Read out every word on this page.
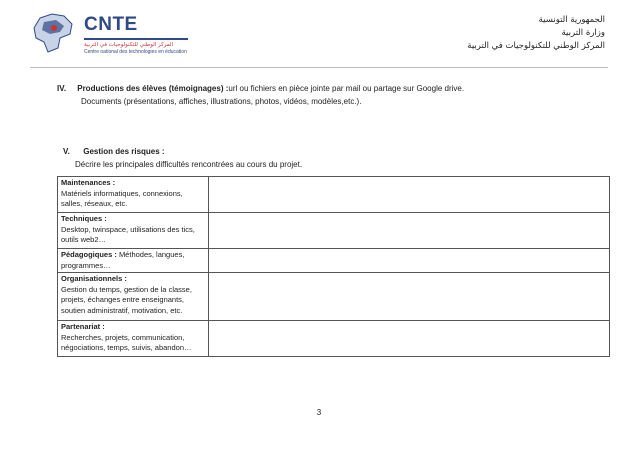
CNTE
المركز الوطني للتكنولوجيات في التربية
Centre national des technologies en éducation
الجمهورية التونسية
وزارة التربية
المركز الوطني للتكنولوجيات في التربية
IV. Productions des élèves (témoignages) :url ou fichiers en pièce jointe par mail ou partage sur Google drive.
Documents (présentations, affiches, illustrations, photos, vidéos, modèles,etc.).
V. Gestion des risques :
Décrire les principales difficultés rencontrées au cours du projet.
Maintenances :
Matériels informatiques, connexions, salles, réseaux, etc.	
Techniques :
Desktop, twinspace, utilisations des tics, outils web2…	
Pédagogiques : Méthodes, langues, programmes…	
Organisationnels :
Gestion du temps, gestion de la classe, projets, échanges entre enseignants, soutien administratif, motivation, etc.	
Partenariat :
Recherches, projets, communication, négociations, temps, suivis, abandon…	
3
